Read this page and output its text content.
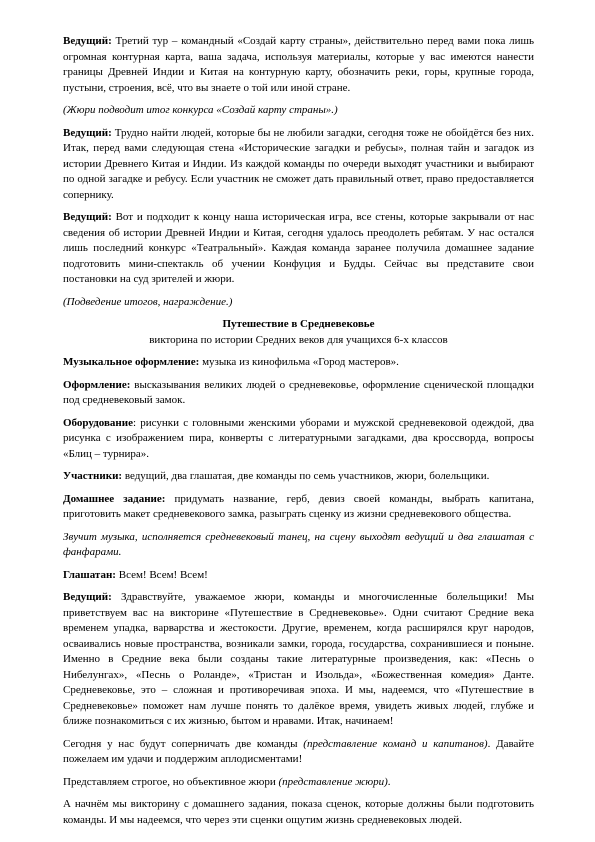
Ведущий: Третий тур – командный «Создай карту страны», действительно перед вами пока лишь огромная контурная карта, ваша задача, используя материалы, которые у вас имеются нанести границы Древней Индии и Китая на контурную карту, обозначить реки, горы, крупные города, пустыни, строения, всё, что вы знаете о той или иной стране.

(Жюри подводит итог конкурса «Создай карту страны».)

Ведущий: Трудно найти людей, которые бы не любили загадки, сегодня тоже не обойдётся без них. Итак, перед вами следующая стена «Исторические загадки и ребусы», полная тайн и загадок из истории Древнего Китая и Индии. Из каждой команды по очереди выходят участники и выбирают по одной загадке и ребусу. Если участник не сможет дать правильный ответ, право предоставляется сопернику.

Ведущий: Вот и подходит к концу наша историческая игра, все стены, которые закрывали от нас сведения об истории Древней Индии и Китая, сегодня удалось преодолеть ребятам. У нас остался лишь последний конкурс «Театральный». Каждая команда заранее получила домашнее задание подготовить мини-спектакль об учении Конфуция и Будды. Сейчас вы представите свои постановки на суд зрителей и жюри.

(Подведение итогов, награждение.)

Путешествие в Средневековье

викторина по истории Средних веков для учащихся 6-х классов

Музыкальное оформление: музыка из кинофильма «Город мастеров».

Оформление: высказывания великих людей о средневековье, оформление сценической площадки под средневековый замок.

Оборудование: рисунки с головными женскими уборами и мужской средневековой одеждой, два рисунка с изображением пира, конверты с литературными загадками, два кроссворда, вопросы «Блиц – турнира».

Участники: ведущий, два глашатая, две команды по семь участников, жюри, болельщики.

Домашнее задание: придумать название, герб, девиз своей команды, выбрать капитана, приготовить макет средневекового замка, разыграть сценку из жизни средневекового общества.

Звучит музыка, исполняется средневековый танец, на сцену выходят ведущий и два глашатая с фанфарами.

Глашатан: Всем! Всем! Всем!

Ведущий: Здравствуйте, уважаемое жюри, команды и многочисленные болельщики! Мы приветствуем вас на викторине «Путешествие в Средневековье». Одни считают Средние века временем упадка, варварства и жестокости. Другие, временем, когда расширялся круг народов, осваивались новые пространства, возникали замки, города, государства, сохранившиеся и поныне. Именно в Средние века были созданы такие литературные произведения, как: «Песнь о Нибелунгах», «Песнь о Роланде», «Тристан и Изольда», «Божественная комедия» Данте. Средневековье, это – сложная и противоречивая эпоха. И мы, надеемся, что «Путешествие в Средневековье» поможет нам лучше понять то далёкое время, увидеть живых людей, глубже и ближе познакомиться с их жизнью, бытом и нравами. Итак, начинаем!

Сегодня у нас будут соперничать две команды (представление команд и капитанов). Давайте пожелаем им удачи и поддержим аплодисментами!

Представляем строгое, но объективное жюри (представление жюри).

А начнём мы викторину с домашнего задания, показа сценок, которые должны были подготовить команды. И мы надеемся, что через эти сценки ощутим жизнь средневековых людей.
